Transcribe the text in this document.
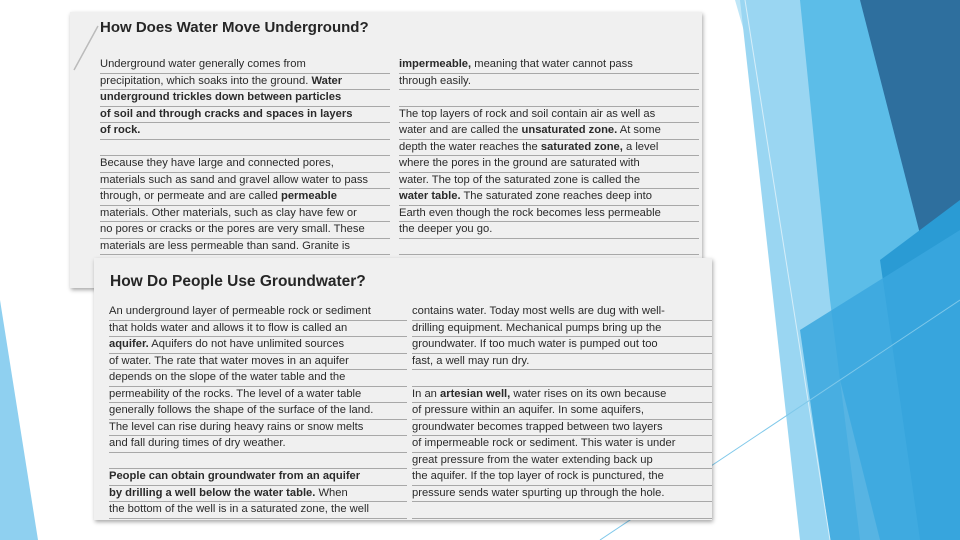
How Does Water Move Underground?
Underground water generally comes from
precipitation, which soaks into the ground. Water
underground trickles down between particles
of soil and through cracks and spaces in layers
of rock.
Because they have large and connected pores,
materials such as sand and gravel allow water to pass
through, or permeate and are called permeable
materials. Other materials, such as clay have few or
no pores or cracks or the pores are very small. These
materials are less permeable than sand. Granite is
impermeable, meaning that water cannot pass
through easily.
The top layers of rock and soil contain air as well as
water and are called the unsaturated zone. At some
depth the water reaches the saturated zone, a level
where the pores in the ground are saturated with
water. The top of the saturated zone is called the
water table. The saturated zone reaches deep into
Earth even though the rock becomes less permeable
the deeper you go.
How Do People Use Groundwater?
An underground layer of permeable rock or sediment
that holds water and allows it to flow is called an
aquifer. Aquifers do not have unlimited sources
of water. The rate that water moves in an aquifer
depends on the slope of the water table and the
permeability of the rocks. The level of a water table
generally follows the shape of the surface of the land.
The level can rise during heavy rains or snow melts
and fall during times of dry weather.
People can obtain groundwater from an aquifer
by drilling a well below the water table. When
the bottom of the well is in a saturated zone, the well
contains water. Today most wells are dug with well-
drilling equipment. Mechanical pumps bring up the
groundwater. If too much water is pumped out too
fast, a well may run dry.
In an artesian well, water rises on its own because
of pressure within an aquifer. In some aquifers,
groundwater becomes trapped between two layers
of impermeable rock or sediment. This water is under
great pressure from the water extending back up
the aquifer. If the top layer of rock is punctured, the
pressure sends water spurting up through the hole.
